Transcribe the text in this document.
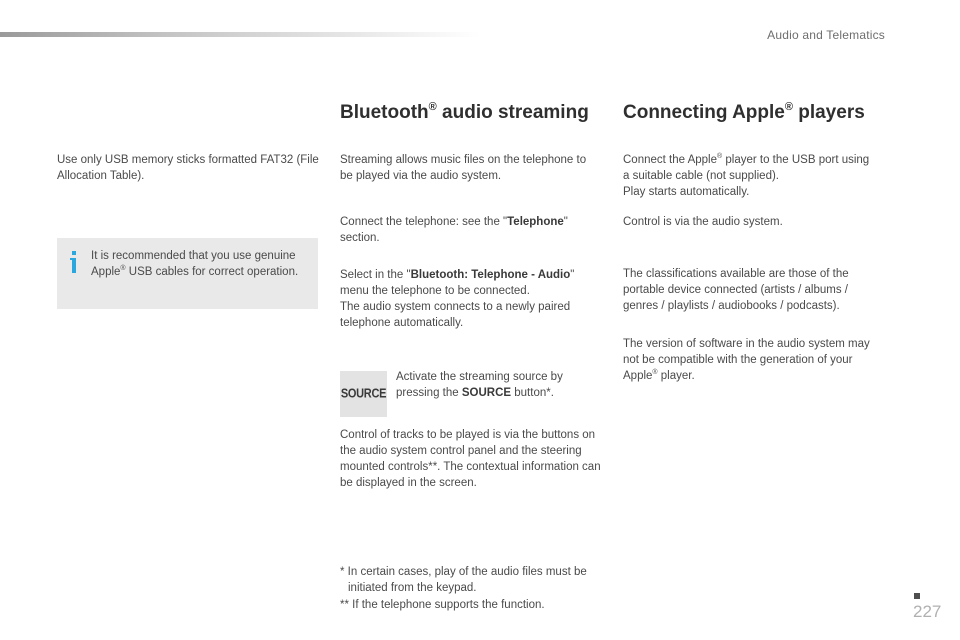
Audio and Telematics

Use only USB memory sticks formatted FAT32 (File Allocation Table).

It is recommended that you use genuine Apple® USB cables for correct operation.

Bluetooth® audio streaming

Streaming allows music files on the telephone to be played via the audio system.

Connect the telephone: see the "Telephone" section.

Select in the "Bluetooth: Telephone - Audio" menu the telephone to be connected.

The audio system connects to a newly paired telephone automatically.

SOURCE

Activate the streaming source by pressing the SOURCE button*.

Control of tracks to be played is via the buttons on the audio system control panel and the steering mounted controls**. The contextual information can be displayed in the screen.

* In certain cases, play of the audio files must be initiated from the keypad.

** If the telephone supports the function.

Connecting Apple® players

Connect the Apple® player to the USB port using a suitable cable (not supplied).

Play starts automatically.

Control is via the audio system.

The classifications available are those of the portable device connected (artists / albums / genres / playlists / audiobooks / podcasts).

The version of software in the audio system may not be compatible with the generation of your Apple® player.

227
